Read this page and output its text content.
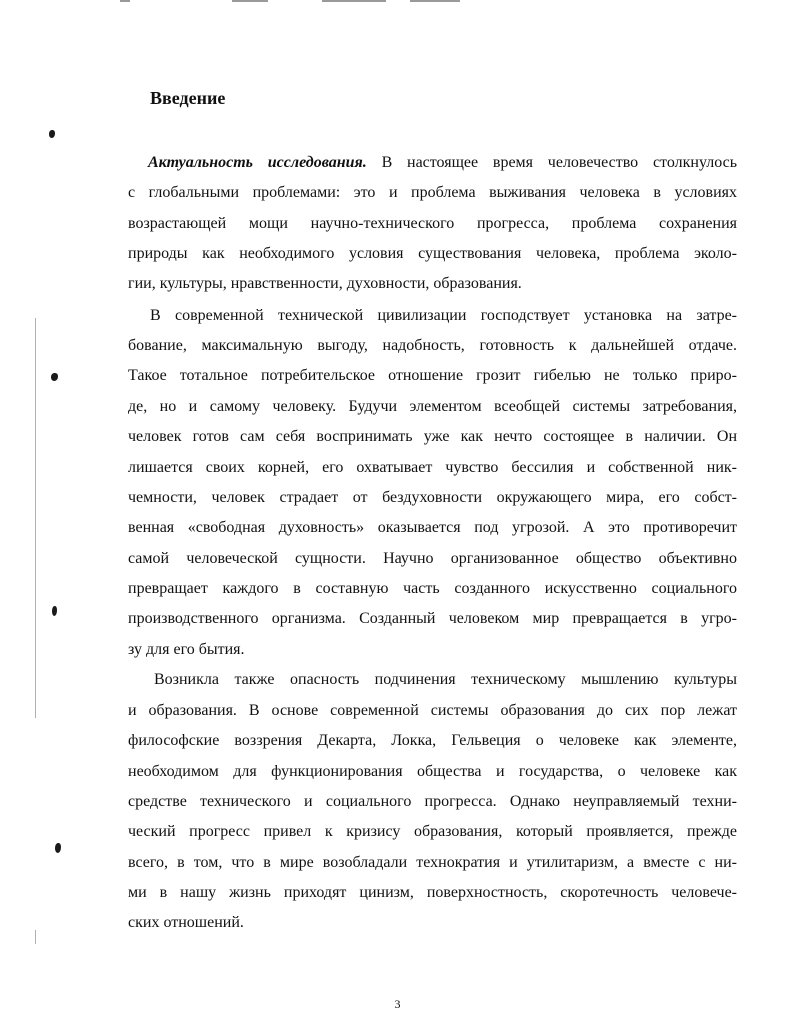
Введение
Актуальность исследования. В настоящее время человечество столкнулось
с глобальными проблемами: это и проблема выживания человека в условиях
возрастающей мощи научно-технического прогресса, проблема сохранения
природы как необходимого условия существования человека, проблема эколо-
гии, культуры, нравственности, духовности, образования.
В современной технической цивилизации господствует установка на затре-
бование, максимальную выгоду, надобность, готовность к дальнейшей отдаче.
Такое тотальное потребительское отношение грозит гибелью не только приро-
де, но и самому человеку. Будучи элементом всеобщей системы затребования,
человек готов сам себя воспринимать уже как нечто состоящее в наличии. Он
лишается своих корней, его охватывает чувство бессилия и собственной ник-
чемности, человек страдает от бездуховности окружающего мира, его собст-
венная «свободная духовность» оказывается под угрозой. А это противоречит
самой человеческой сущности. Научно организованное общество объективно
превращает каждого в составную часть созданного искусственно социального
производственного организма. Созданный человеком мир превращается в угро-
зу для его бытия.
Возникла также опасность подчинения техническому мышлению культуры
и образования. В основе современной системы образования до сих пор лежат
философские воззрения Декарта, Локка, Гельвеция о человеке как элементе,
необходимом для функционирования общества и государства, о человеке как
средстве технического и социального прогресса. Однако неуправляемый техни-
ческий прогресс привел к кризису образования, который проявляется, прежде
всего, в том, что в мире возобладали технократия и утилитаризм, а вместе с ни-
ми в нашу жизнь приходят цинизм, поверхностность, скоротечность человече-
ских отношений.
3
